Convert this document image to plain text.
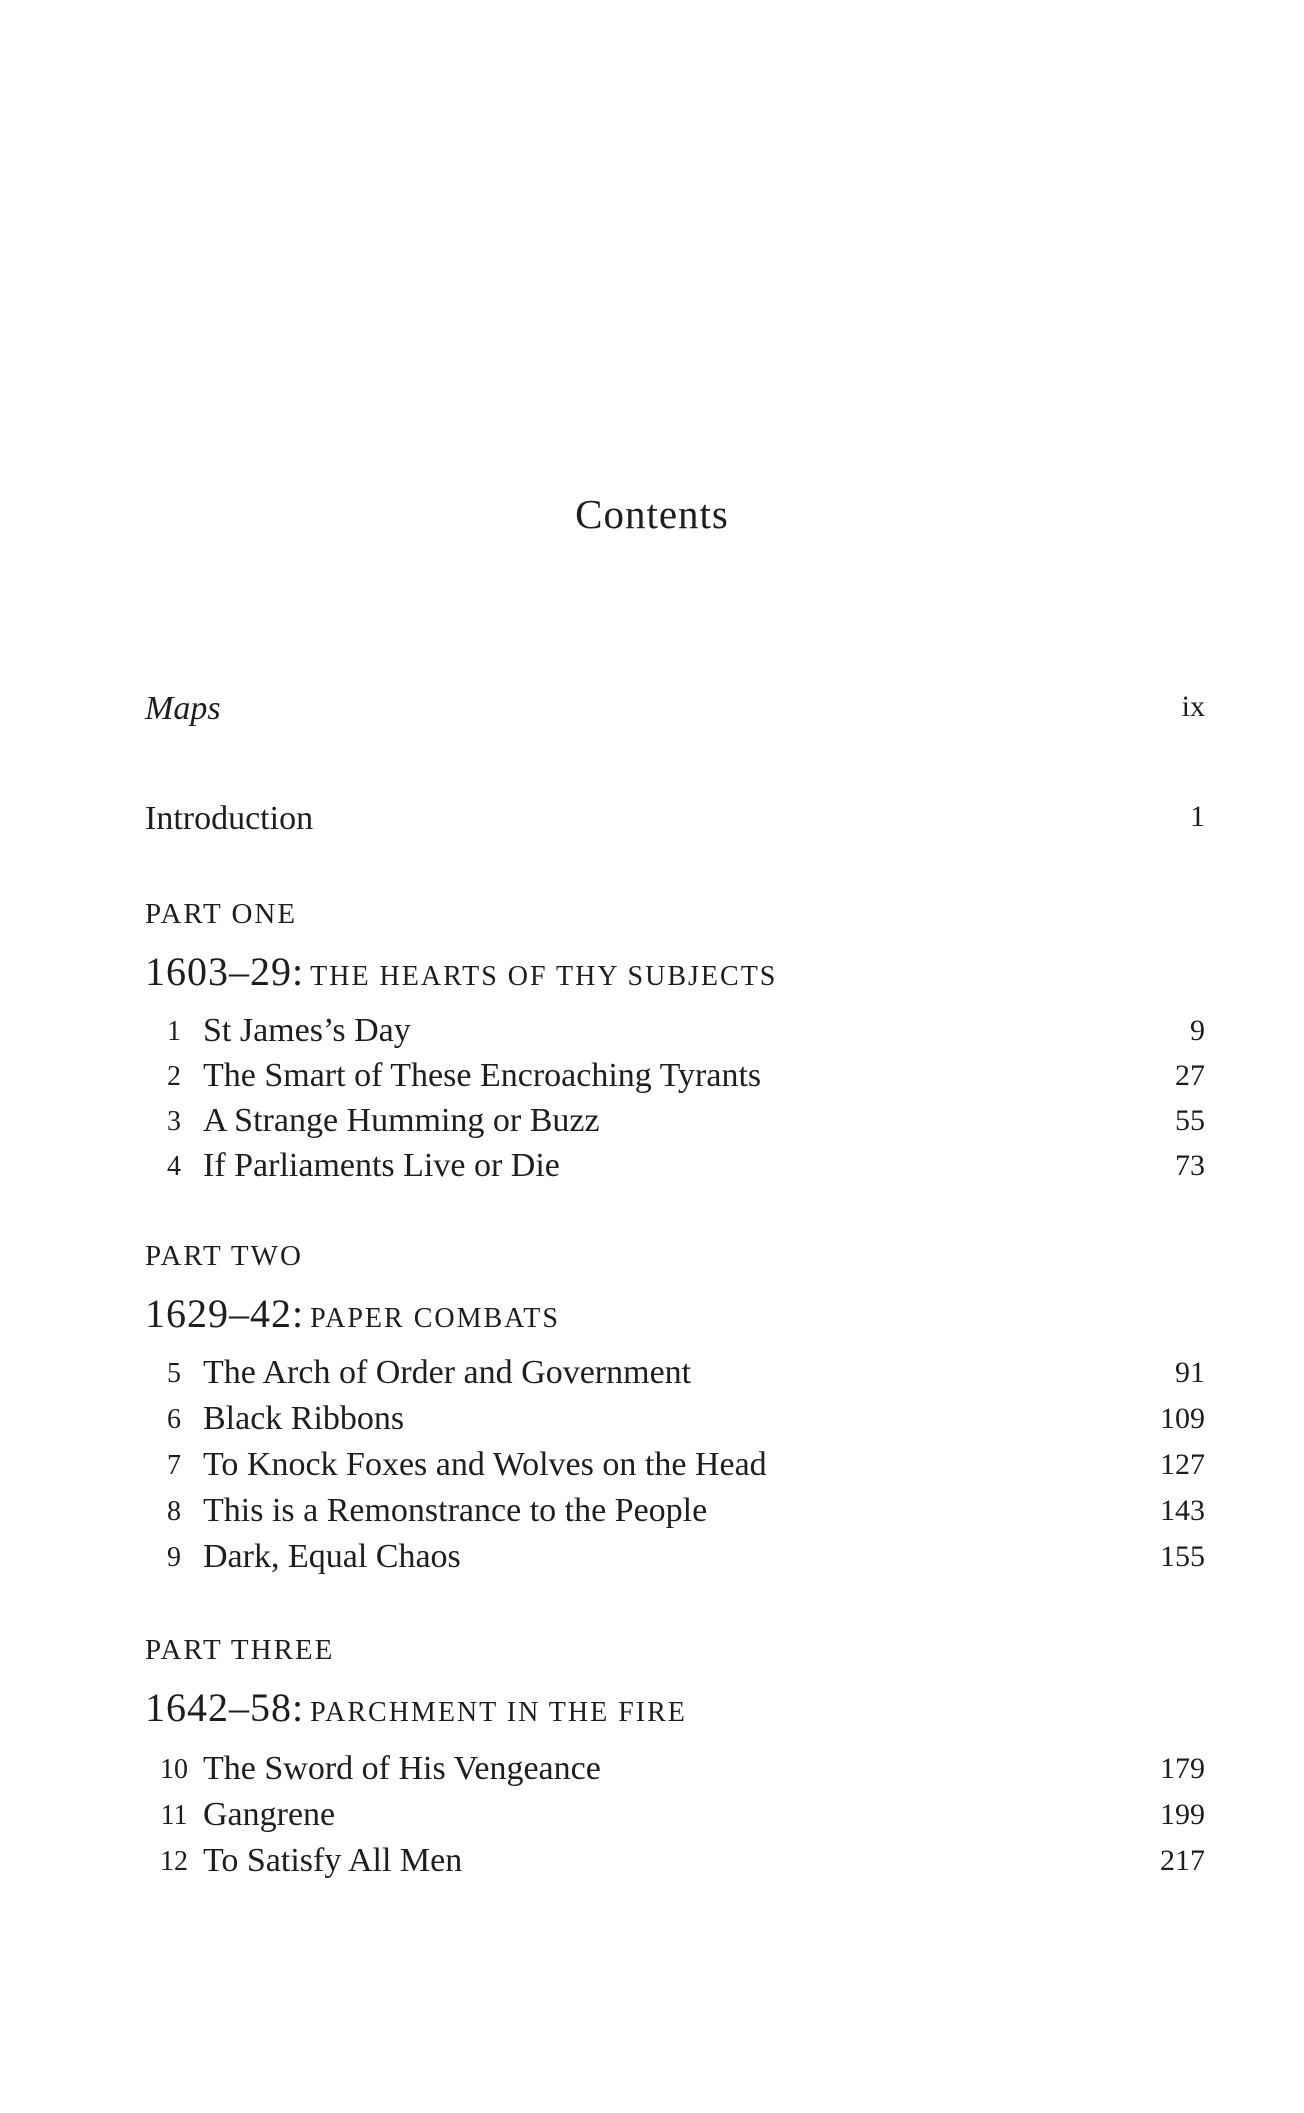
Contents
Maps	ix
Introduction	1
PART ONE
1603–29: THE HEARTS OF THY SUBJECTS
1 St James’s Day	9
2 The Smart of These Encroaching Tyrants	27
3 A Strange Humming or Buzz	55
4 If Parliaments Live or Die	73
PART TWO
1629–42: PAPER COMBATS
5 The Arch of Order and Government	91
6 Black Ribbons	109
7 To Knock Foxes and Wolves on the Head	127
8 This is a Remonstrance to the People	143
9 Dark, Equal Chaos	155
PART THREE
1642–58: PARCHMENT IN THE FIRE
10 The Sword of His Vengeance	179
11 Gangrene	199
12 To Satisfy All Men	217
